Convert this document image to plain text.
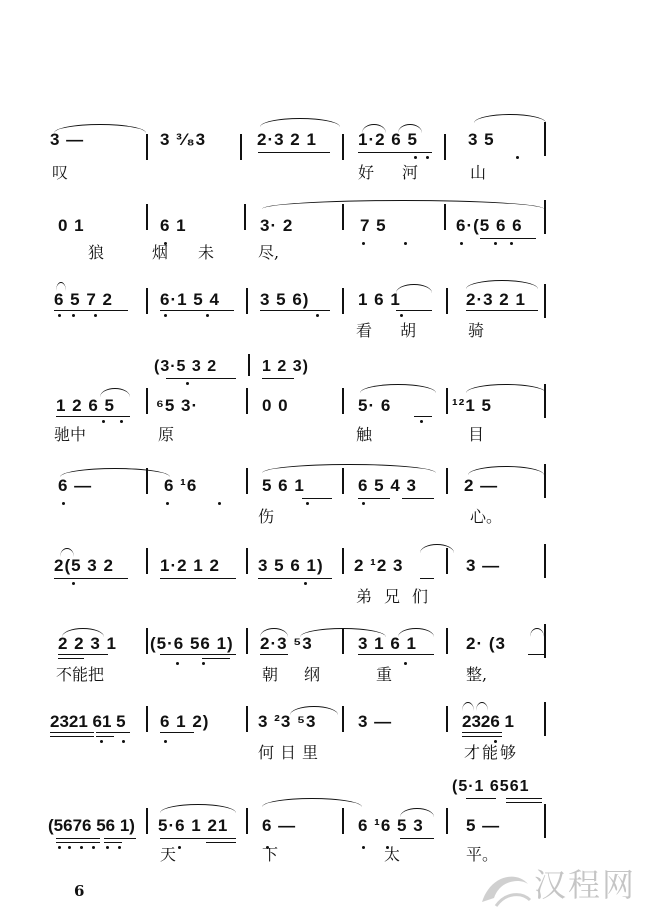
3 —	3 ³⁄₈3	2·3 2 1 1·2 6 5	3 5
叹	好 河	山
0 1	6 1	3· 2	7 5	6·(5 6 6
狼	烟 未	尽,
6 5 7 2	6·1 5 4 3 5 6)	1 6 1	2·3 2 1
看 胡	骑
(3·5 3 2	1 2 3)
1 2 6 5 ⁶5 3·	0 0	5· 6	¹²1 5
驰中	原	触	目
6 —	6 ¹6	5 6 1	6 5 4 3	2 —
伤	心。
2(5 3 2	1·2 1 2 3 5 6 1) 2 ¹2 3	3 —
弟兄们
2 2 3 1 (5·6 56 1) 2·3 ⁵3	3 1 6 1	2· (3
不能把	朝 纲	重	整,
2321 61 5 6 1 2)	3 ²3 ⁵3 3 —	2326 1
何日里	才能够
(5·1 6561
(5676 56 1) 5·6 1 21 6 —	6 ¹6 5 3 5 —
天	下	太	平。
6	汉程网
